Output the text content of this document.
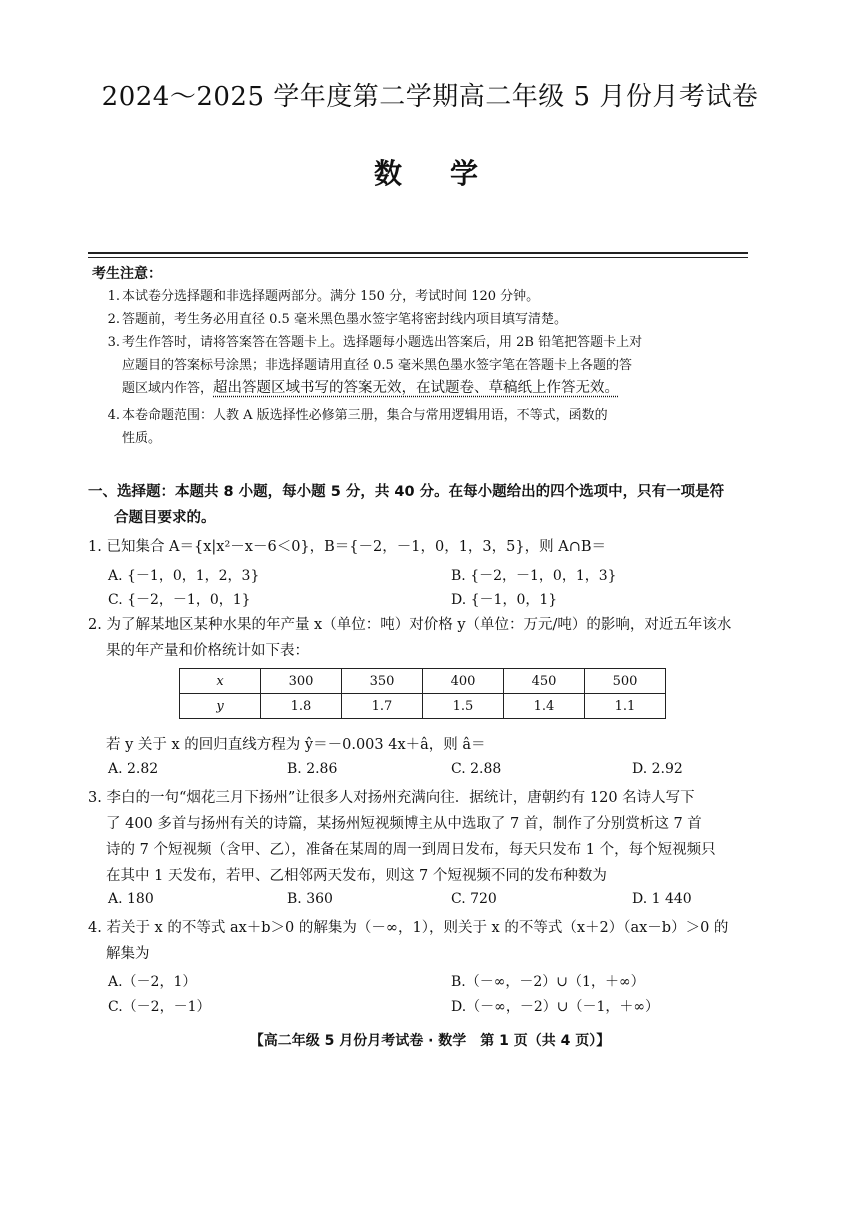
2024～2025 学年度第二学期高二年级 5 月份月考试卷
数学
考生注意：
1. 本试卷分选择题和非选择题两部分。满分 150 分，考试时间 120 分钟。
2. 答题前，考生务必用直径 0.5 毫米黑色墨水签字笔将密封线内项目填写清楚。
3. 考生作答时，请将答案答在答题卡上。选择题每小题选出答案后，用 2B 铅笔把答题卡上对
应题目的答案标号涂黑；非选择题请用直径 0.5 毫米黑色墨水签字笔在答题卡上各题的答
题区域内作答，超出答题区域书写的答案无效，在试题卷、草稿纸上作答无效。
4. 本卷命题范围：人教 A 版选择性必修第三册，集合与常用逻辑用语，不等式，函数的
性质。
一、选择题：本题共 8 小题，每小题 5 分，共 40 分。在每小题给出的四个选项中，只有一项是符
合题目要求的。
1. 已知集合 A＝{x|x²－x－6＜0}，B＝{－2，－1，0，1，3，5}，则 A∩B＝
A. {－1，0，1，2，3}	B. {－2，－1，0，1，3}
C. {－2，－1，0，1}	D. {－1，0，1}
2. 为了解某地区某种水果的年产量 x（单位：吨）对价格 y（单位：万元/吨）的影响，对近五年该水
果的年产量和价格统计如下表：
x	300	350	400	450	500
y	1.8	1.7	1.5	1.4	1.1
若 y 关于 x 的回归直线方程为 ŷ＝－0.003 4x＋â，则 â＝
A. 2.82	B. 2.86	C. 2.88	D. 2.92
3. 李白的一句“烟花三月下扬州”让很多人对扬州充满向往．据统计，唐朝约有 120 名诗人写下
了 400 多首与扬州有关的诗篇，某扬州短视频博主从中选取了 7 首，制作了分别赏析这 7 首
诗的 7 个短视频（含甲、乙），准备在某周的周一到周日发布，每天只发布 1 个，每个短视频只
在其中 1 天发布，若甲、乙相邻两天发布，则这 7 个短视频不同的发布种数为
A. 180	B. 360	C. 720	D. 1 440
4. 若关于 x 的不等式 ax＋b＞0 的解集为（－∞，1），则关于 x 的不等式（x＋2）（ax－b）＞0 的
解集为
A.（－2，1）	B.（－∞，－2）∪（1，＋∞）
C.（－2，－1）	D.（－∞，－2）∪（－1，＋∞）
【高二年级 5 月份月考试卷 · 数学　第 1 页（共 4 页）】
